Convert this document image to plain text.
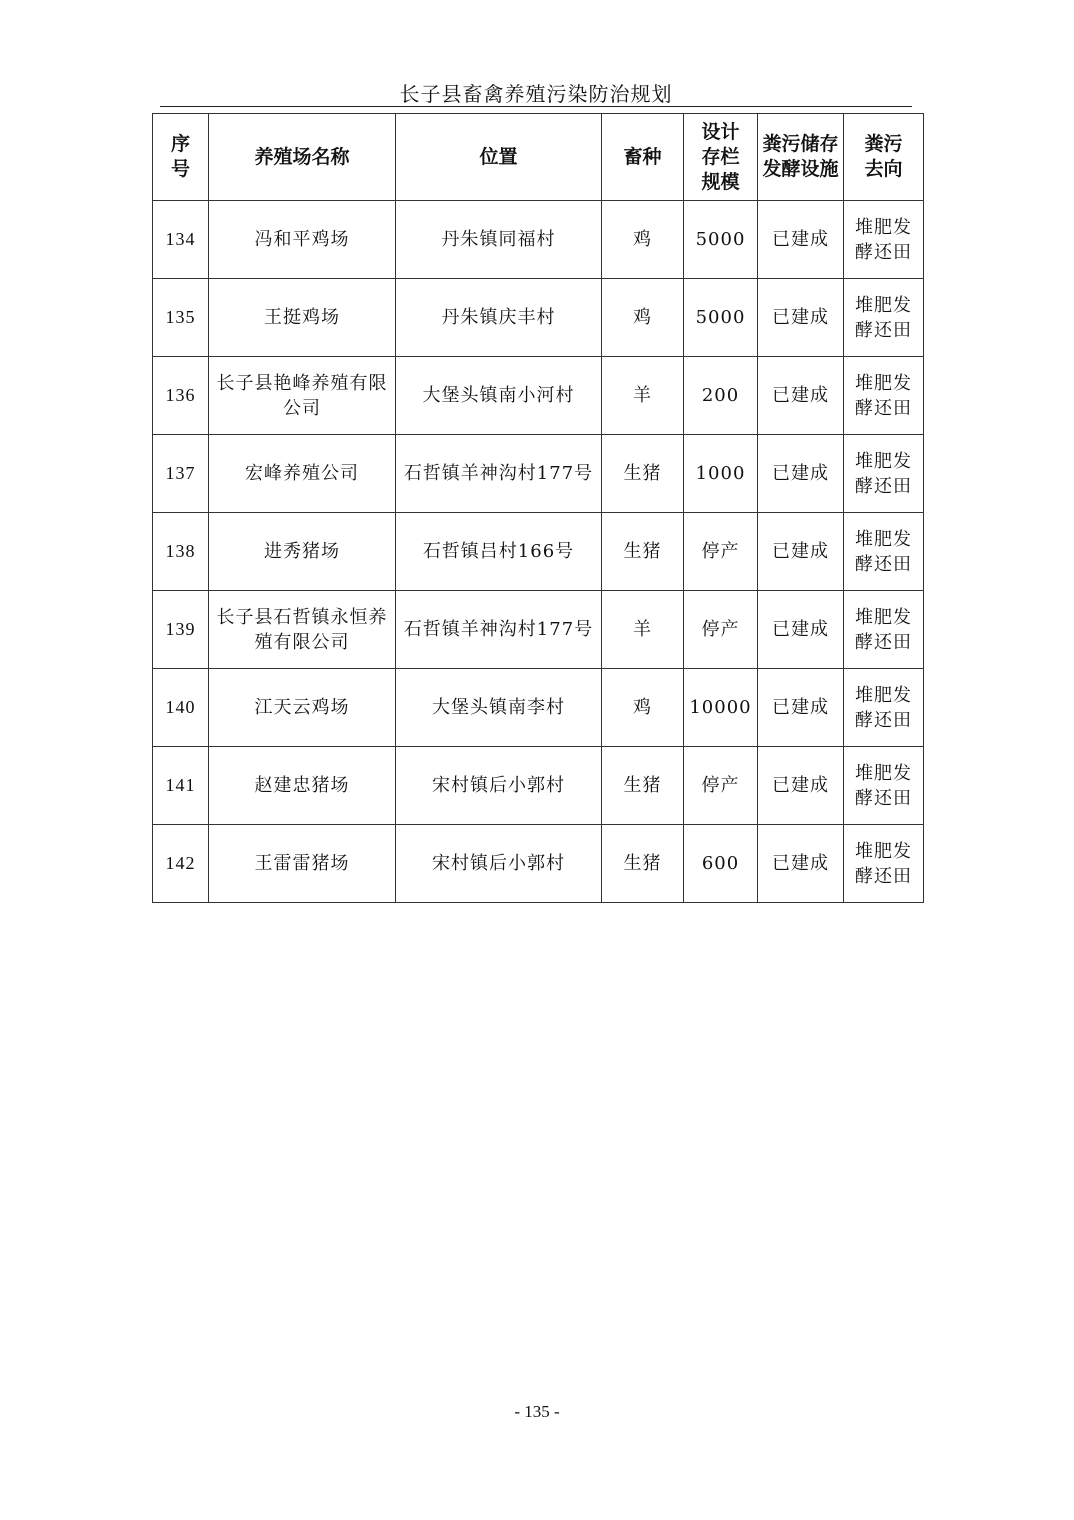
长子县畜禽养殖污染防治规划
序号	养殖场名称	位置	畜种	设计存栏规模	粪污储存发酵设施	粪污去向
134	冯和平鸡场	丹朱镇同福村	鸡	5000	已建成	堆肥发酵还田
135	王挺鸡场	丹朱镇庆丰村	鸡	5000	已建成	堆肥发酵还田
136	长子县艳峰养殖有限公司	大堡头镇南小河村	羊	200	已建成	堆肥发酵还田
137	宏峰养殖公司	石哲镇羊神沟村177号	生猪	1000	已建成	堆肥发酵还田
138	进秀猪场	石哲镇吕村166号	生猪	停产	已建成	堆肥发酵还田
139	长子县石哲镇永恒养殖有限公司	石哲镇羊神沟村177号	羊	停产	已建成	堆肥发酵还田
140	江天云鸡场	大堡头镇南李村	鸡	10000	已建成	堆肥发酵还田
141	赵建忠猪场	宋村镇后小郭村	生猪	停产	已建成	堆肥发酵还田
142	王雷雷猪场	宋村镇后小郭村	生猪	600	已建成	堆肥发酵还田
- 135 -
